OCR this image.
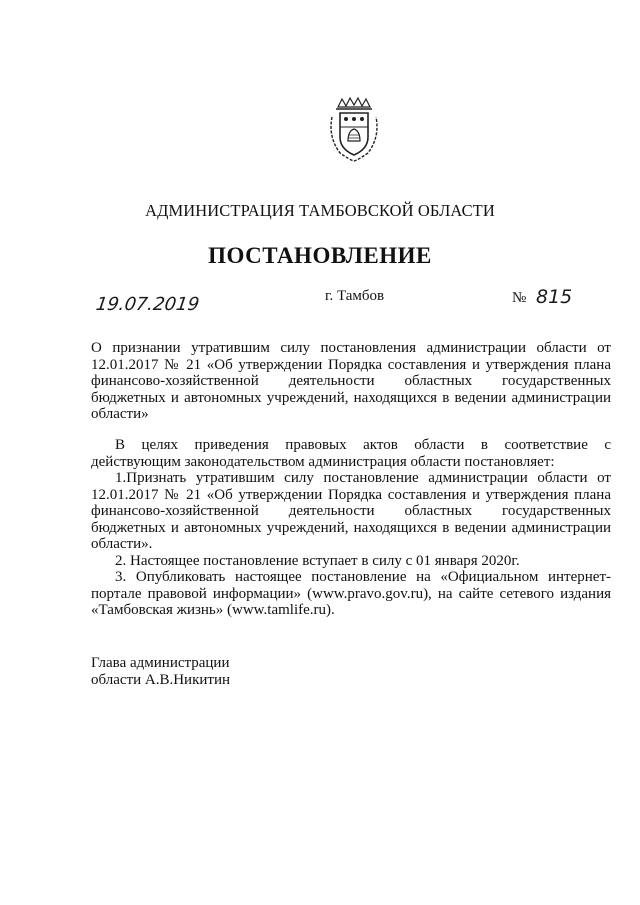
АДМИНИСТРАЦИЯ ТАМБОВСКОЙ ОБЛАСТИ
ПОСТАНОВЛЕНИЕ
19.07.2019	г. Тамбов	№ 815
О признании утратившим силу постановления администрации области от
12.01.2017 № 21 «Об утверждении Порядка составления и утверждения плана
финансово-хозяйственной деятельности областных государственных
бюджетных и автономных учреждений, находящихся в ведении администрации
области»
В целях приведения правовых актов области в соответствие с
действующим законодательством администрация области постановляет:
1.Признать утратившим силу постановление администрации области от
12.01.2017 № 21 «Об утверждении Порядка составления и утверждения плана
финансово-хозяйственной деятельности областных государственных
бюджетных и автономных учреждений, находящихся в ведении администрации
области».
2. Настоящее постановление вступает в силу с 01 января 2020г.
3. Опубликовать настоящее постановление на «Официальном интернет-
портале правовой информации» (www.pravo.gov.ru), на сайте сетевого издания
«Тамбовская жизнь» (www.tamlife.ru).
Глава администрации
области А.В.Никитин
